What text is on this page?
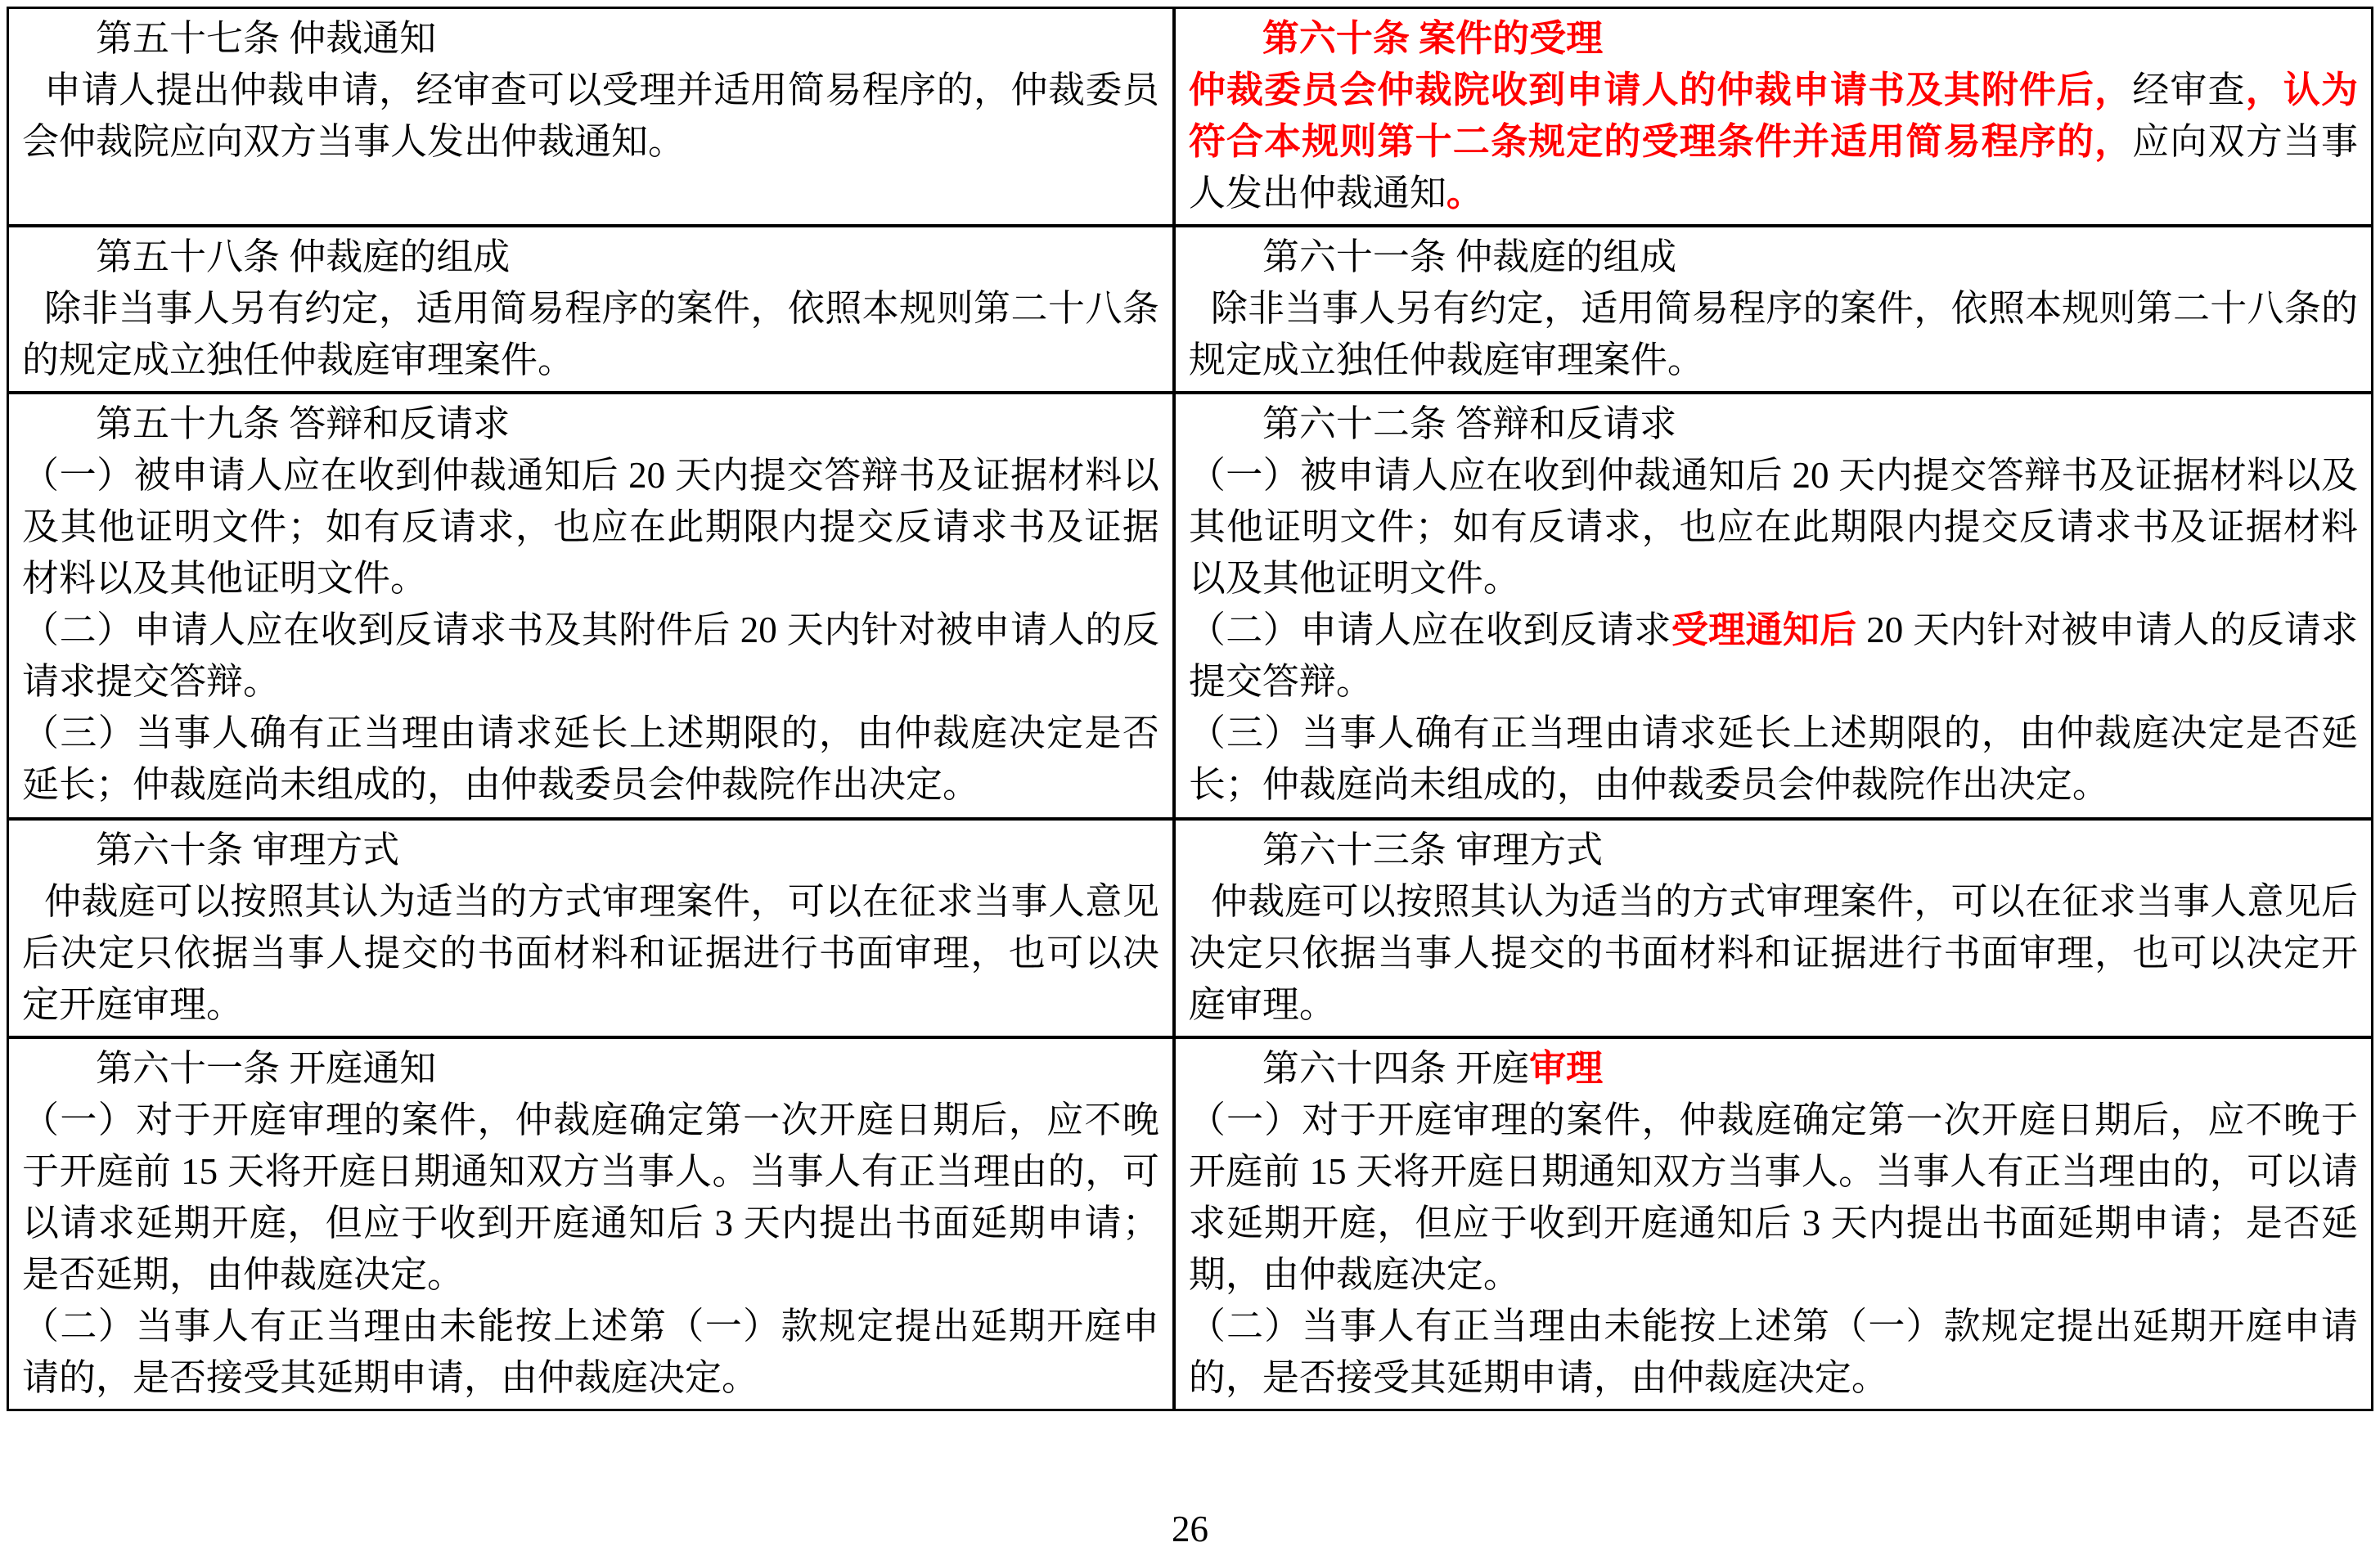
第五十七条 仲裁通知

申请人提出仲裁申请，经审查可以受理并适用简易程序的，仲裁委员会仲裁院应向双方当事人发出仲裁通知。

第六十条 案件的受理

仲裁委员会仲裁院收到申请人的仲裁申请书及其附件后，经审查，认为符合本规则第十二条规定的受理条件并适用简易程序的，应向双方当事人发出仲裁通知。

第五十八条 仲裁庭的组成

除非当事人另有约定，适用简易程序的案件，依照本规则第二十八条的规定成立独任仲裁庭审理案件。

第六十一条 仲裁庭的组成

除非当事人另有约定，适用简易程序的案件，依照本规则第二十八条的规定成立独任仲裁庭审理案件。

第五十九条 答辩和反请求

（一）被申请人应在收到仲裁通知后 20 天内提交答辩书及证据材料以及其他证明文件；如有反请求，也应在此期限内提交反请求书及证据材料以及其他证明文件。

（二）申请人应在收到反请求书及其附件后 20 天内针对被申请人的反请求提交答辩。

（三）当事人确有正当理由请求延长上述期限的，由仲裁庭决定是否延长；仲裁庭尚未组成的，由仲裁委员会仲裁院作出决定。

第六十二条 答辩和反请求

（一）被申请人应在收到仲裁通知后 20 天内提交答辩书及证据材料以及其他证明文件；如有反请求，也应在此期限内提交反请求书及证据材料以及其他证明文件。

（二）申请人应在收到反请求受理通知后 20 天内针对被申请人的反请求提交答辩。

（三）当事人确有正当理由请求延长上述期限的，由仲裁庭决定是否延长；仲裁庭尚未组成的，由仲裁委员会仲裁院作出决定。

第六十条 审理方式

仲裁庭可以按照其认为适当的方式审理案件，可以在征求当事人意见后决定只依据当事人提交的书面材料和证据进行书面审理，也可以决定开庭审理。

第六十三条 审理方式

仲裁庭可以按照其认为适当的方式审理案件，可以在征求当事人意见后决定只依据当事人提交的书面材料和证据进行书面审理，也可以决定开庭审理。

第六十一条 开庭通知

（一）对于开庭审理的案件，仲裁庭确定第一次开庭日期后，应不晚于开庭前 15 天将开庭日期通知双方当事人。当事人有正当理由的，可以请求延期开庭，但应于收到开庭通知后 3 天内提出书面延期申请；是否延期，由仲裁庭决定。

（二）当事人有正当理由未能按上述第（一）款规定提出延期开庭申请的，是否接受其延期申请，由仲裁庭决定。

第六十四条 开庭审理

（一）对于开庭审理的案件，仲裁庭确定第一次开庭日期后，应不晚于开庭前 15 天将开庭日期通知双方当事人。当事人有正当理由的，可以请求延期开庭，但应于收到开庭通知后 3 天内提出书面延期申请；是否延期，由仲裁庭决定。

（二）当事人有正当理由未能按上述第（一）款规定提出延期开庭申请的，是否接受其延期申请，由仲裁庭决定。

26
